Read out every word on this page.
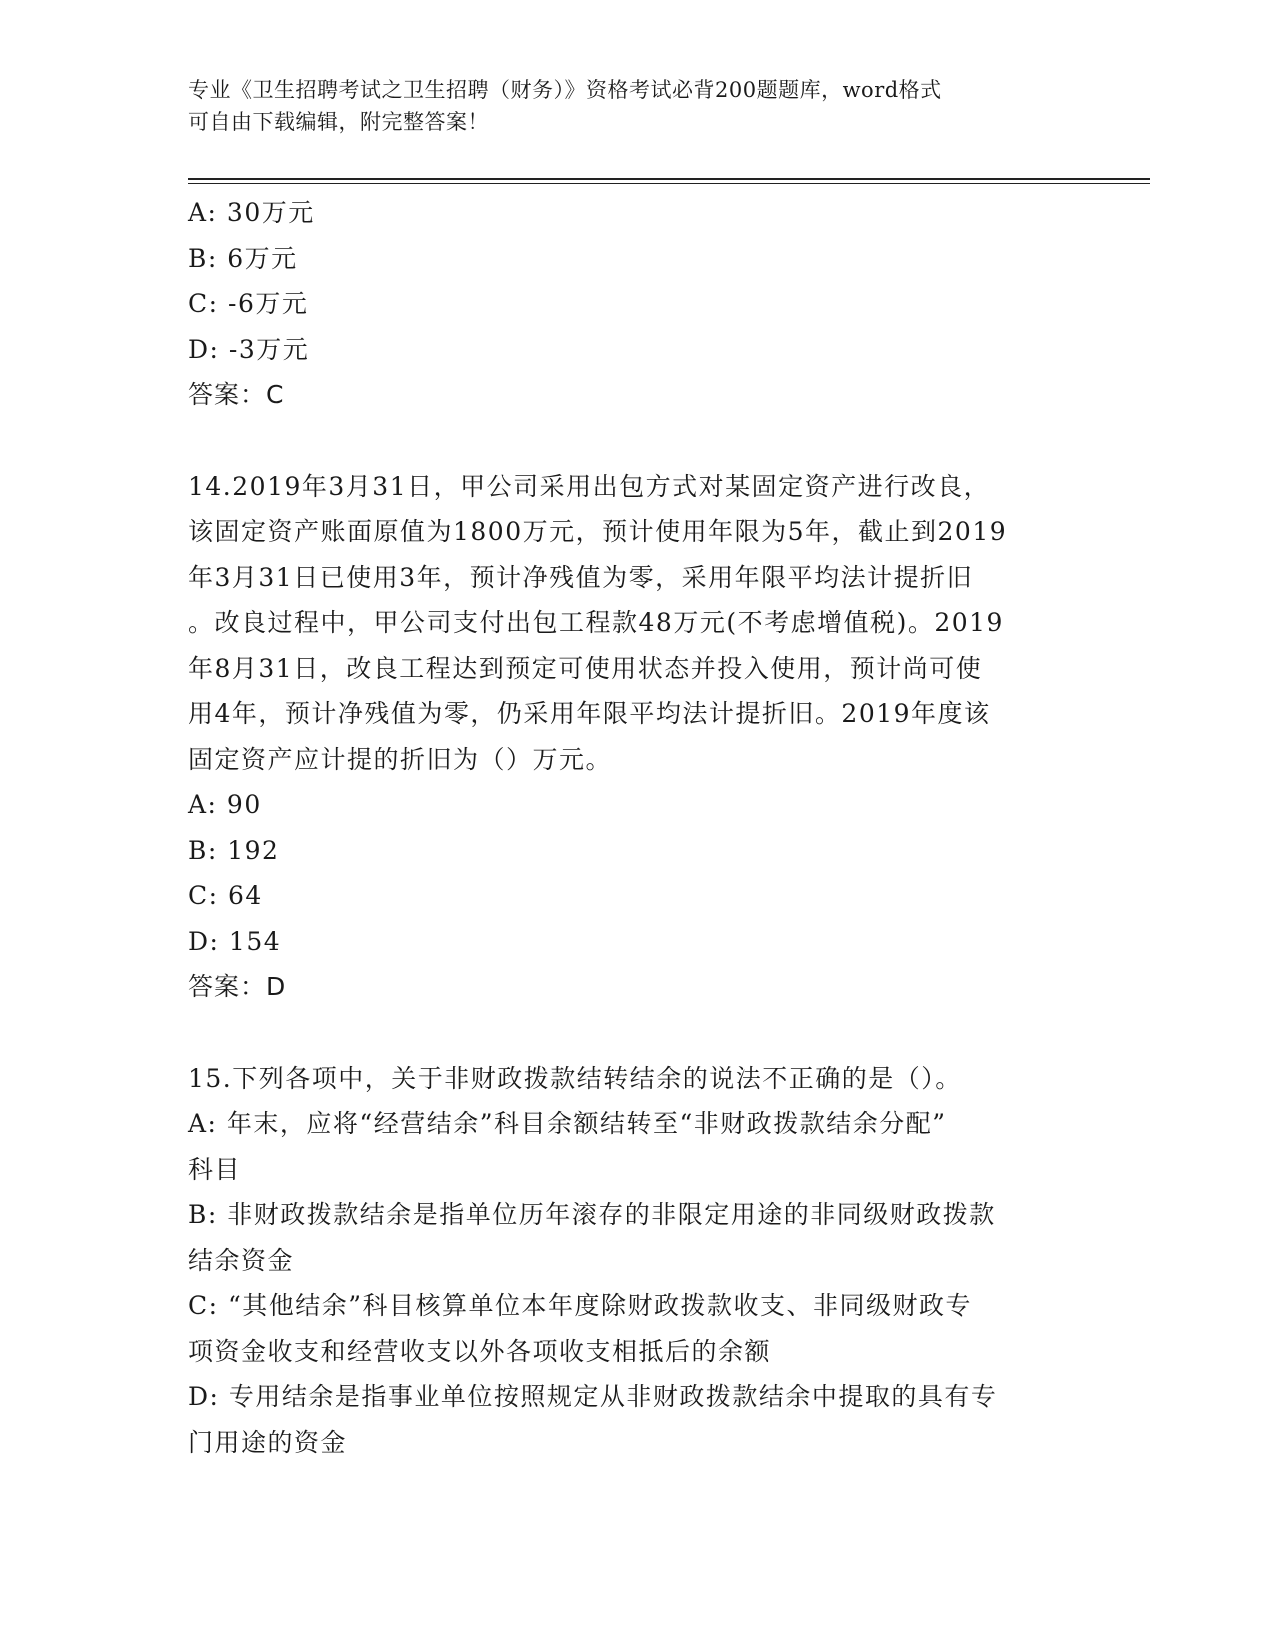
专业《卫生招聘考试之卫生招聘（财务）》资格考试必背200题题库，word格式
可自由下载编辑，附完整答案！
A: 30万元
B: 6万元
C: -6万元
D: -3万元
答案：C
14.2019年3月31日，甲公司采用出包方式对某固定资产进行改良，
该固定资产账面原值为1800万元，预计使用年限为5年，截止到2019
年3月31日已使用3年，预计净残值为零，采用年限平均法计提折旧
。改良过程中，甲公司支付出包工程款48万元(不考虑增值税)。2019
年8月31日，改良工程达到预定可使用状态并投入使用，预计尚可使
用4年，预计净残值为零，仍采用年限平均法计提折旧。2019年度该
固定资产应计提的折旧为（）万元。
A: 90
B: 192
C: 64
D: 154
答案：D
15.下列各项中，关于非财政拨款结转结余的说法不正确的是（）。
A: 年末，应将“经营结余”科目余额结转至“非财政拨款结余分配”
科目
B: 非财政拨款结余是指单位历年滚存的非限定用途的非同级财政拨款
结余资金
C: “其他结余”科目核算单位本年度除财政拨款收支、非同级财政专
项资金收支和经营收支以外各项收支相抵后的余额
D: 专用结余是指事业单位按照规定从非财政拨款结余中提取的具有专
门用途的资金
